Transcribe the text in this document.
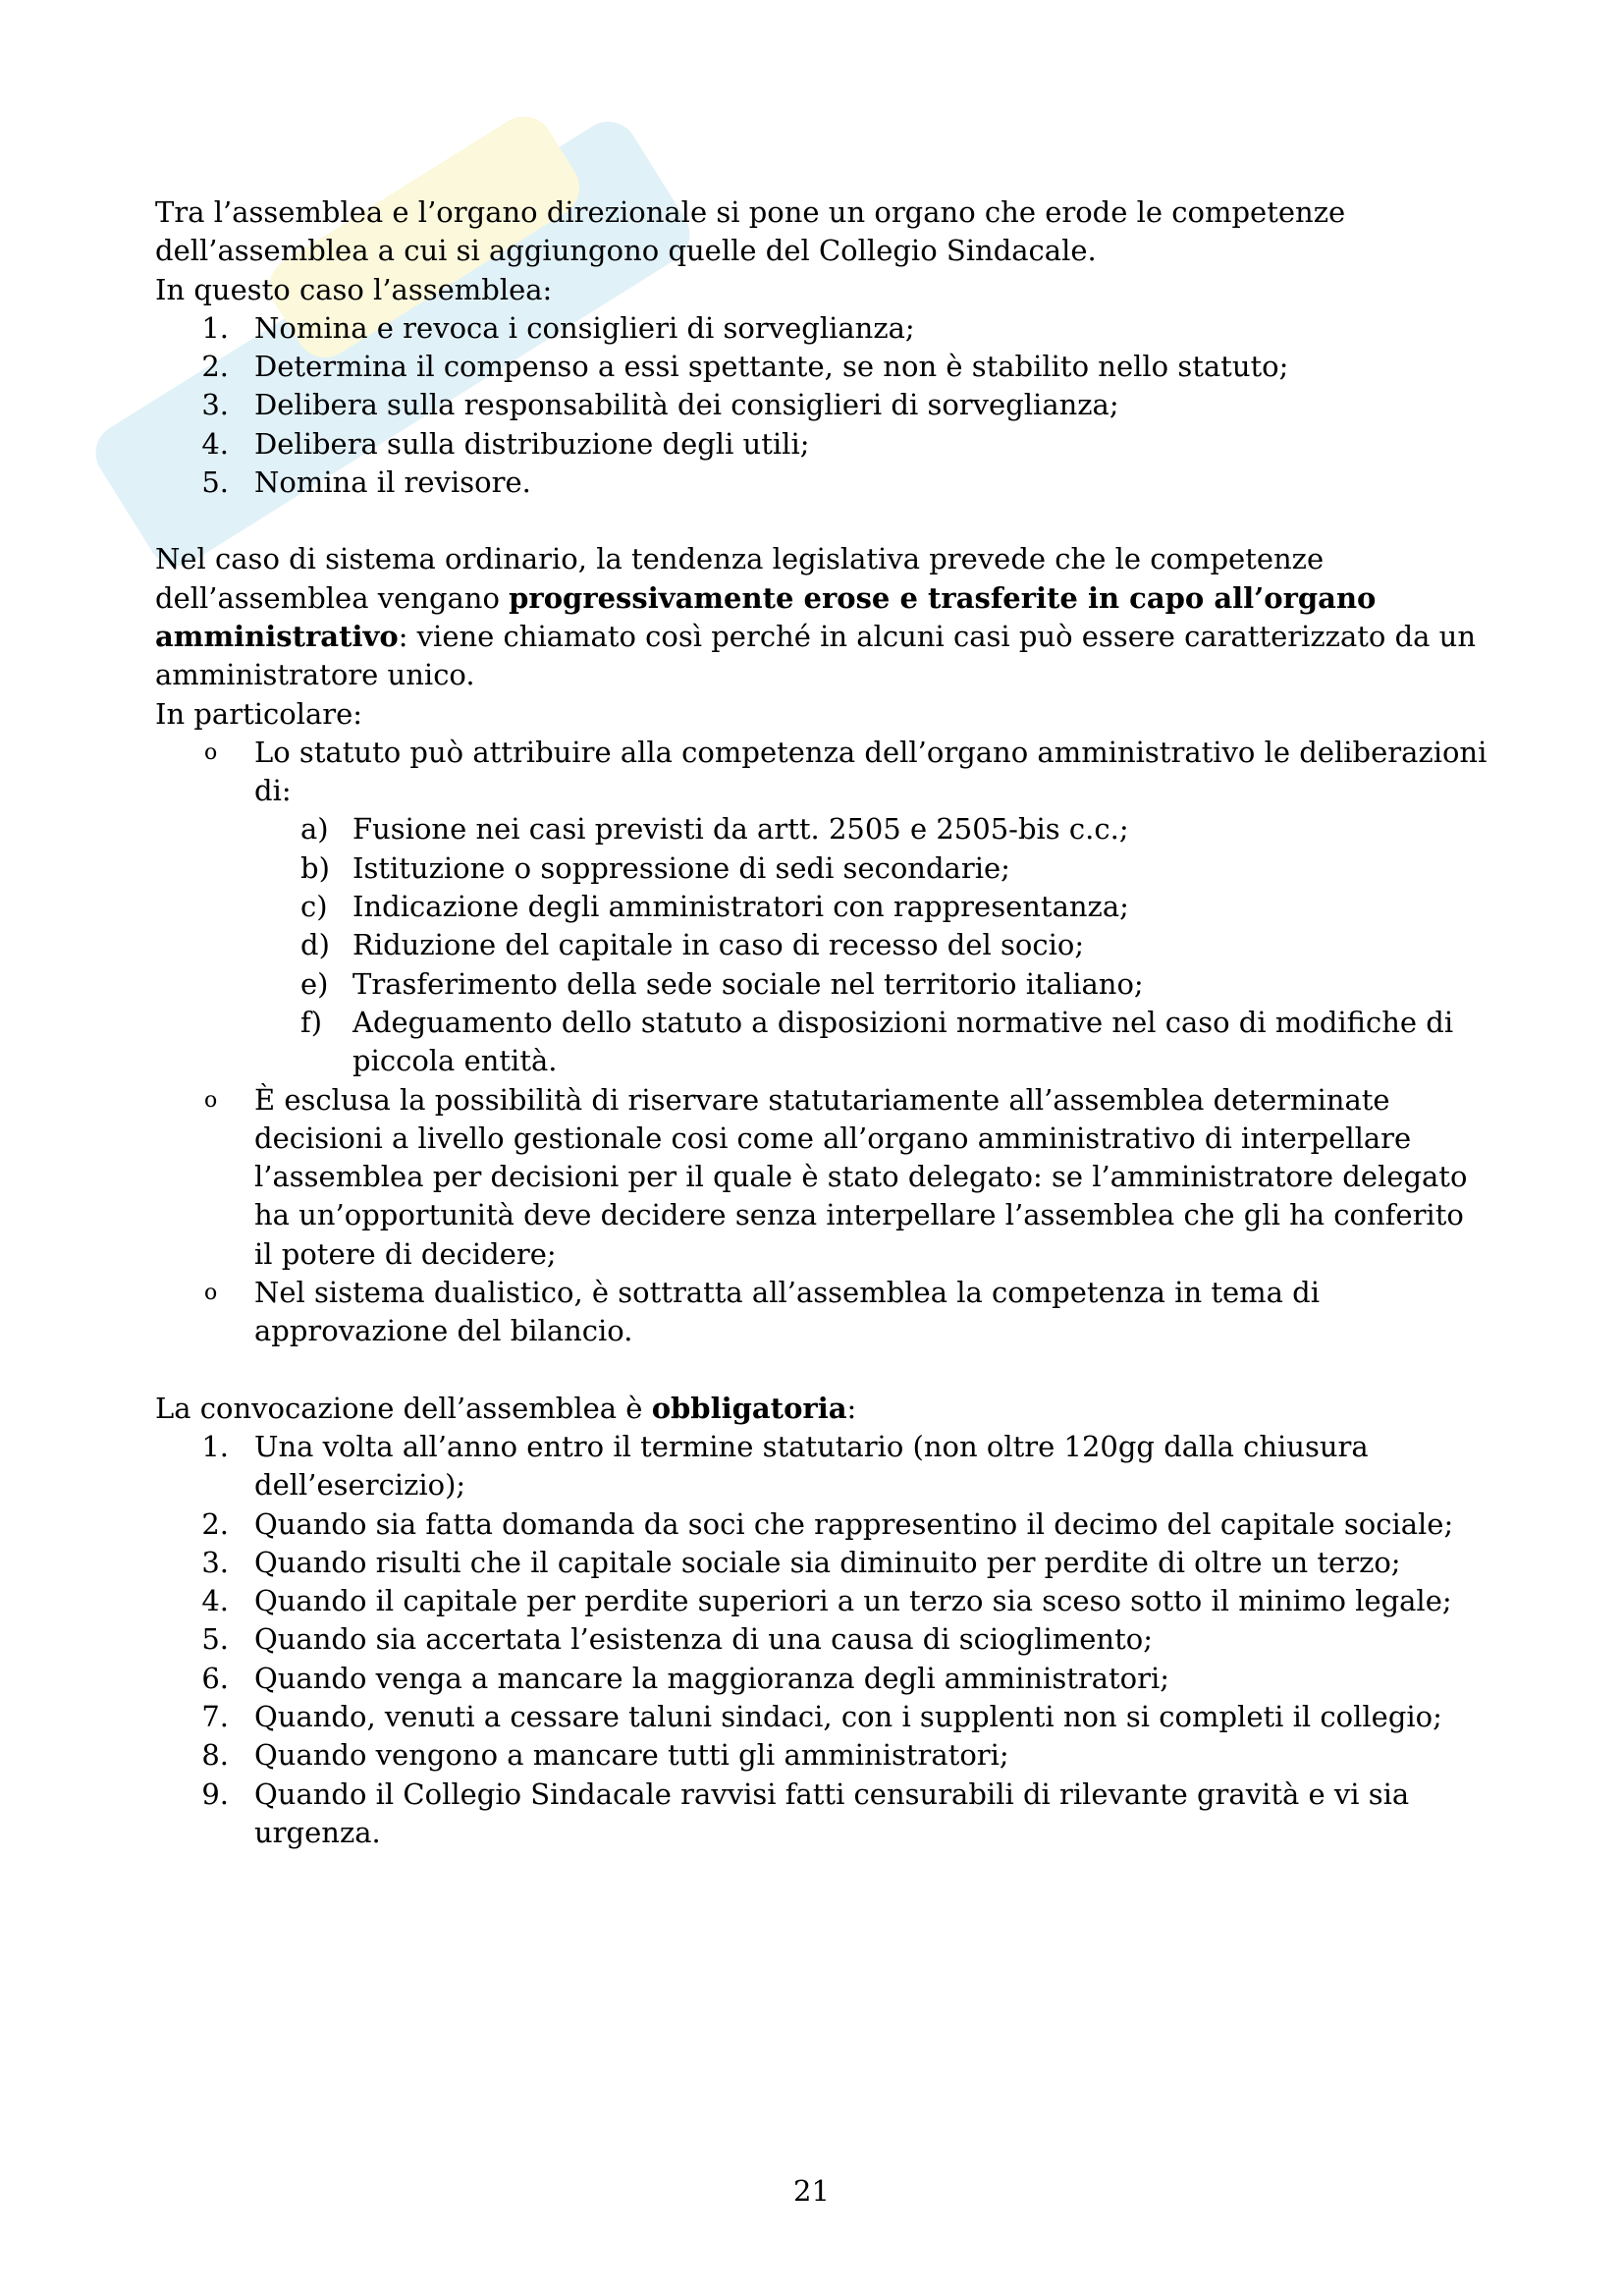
Tra l’assemblea e l’organo direzionale si pone un organo che erode le competenze

dell’assemblea a cui si aggiungono quelle del Collegio Sindacale.

In questo caso l’assemblea:

1. Nomina e revoca i consiglieri di sorveglianza;
2. Determina il compenso a essi spettante, se non è stabilito nello statuto;
3. Delibera sulla responsabilità dei consiglieri di sorveglianza;
4. Delibera sulla distribuzione degli utili;
5. Nomina il revisore.

Nel caso di sistema ordinario, la tendenza legislativa prevede che le competenze dell’assemblea vengano progressivamente erose e trasferite in capo all’organo amministrativo: viene chiamato così perché in alcuni casi può essere caratterizzato da un amministratore unico.

In particolare:

o Lo statuto può attribuire alla competenza dell’organo amministrativo le deliberazioni di:
a) Fusione nei casi previsti da artt. 2505 e 2505-bis c.c.;
b) Istituzione o soppressione di sedi secondarie;
c) Indicazione degli amministratori con rappresentanza;
d) Riduzione del capitale in caso di recesso del socio;
e) Trasferimento della sede sociale nel territorio italiano;
f) Adeguamento dello statuto a disposizioni normative nel caso di modifiche di piccola entità.
o È esclusa la possibilità di riservare statutariamente all’assemblea determinate decisioni a livello gestionale cosi come all’organo amministrativo di interpellare l’assemblea per decisioni per il quale è stato delegato: se l’amministratore delegato ha un’opportunità deve decidere senza interpellare l’assemblea che gli ha conferito il potere di decidere;
o Nel sistema dualistico, è sottratta all’assemblea la competenza in tema di approvazione del bilancio.

La convocazione dell’assemblea è obbligatoria:

1. Una volta all’anno entro il termine statutario (non oltre 120gg dalla chiusura dell’esercizio);
2. Quando sia fatta domanda da soci che rappresentino il decimo del capitale sociale;
3. Quando risulti che il capitale sociale sia diminuito per perdite di oltre un terzo;
4. Quando il capitale per perdite superiori a un terzo sia sceso sotto il minimo legale;
5. Quando sia accertata l’esistenza di una causa di scioglimento;
6. Quando venga a mancare la maggioranza degli amministratori;
7. Quando, venuti a cessare taluni sindaci, con i supplenti non si completi il collegio;
8. Quando vengono a mancare tutti gli amministratori;
9. Quando il Collegio Sindacale ravvisi fatti censurabili di rilevante gravità e vi sia urgenza.
21
